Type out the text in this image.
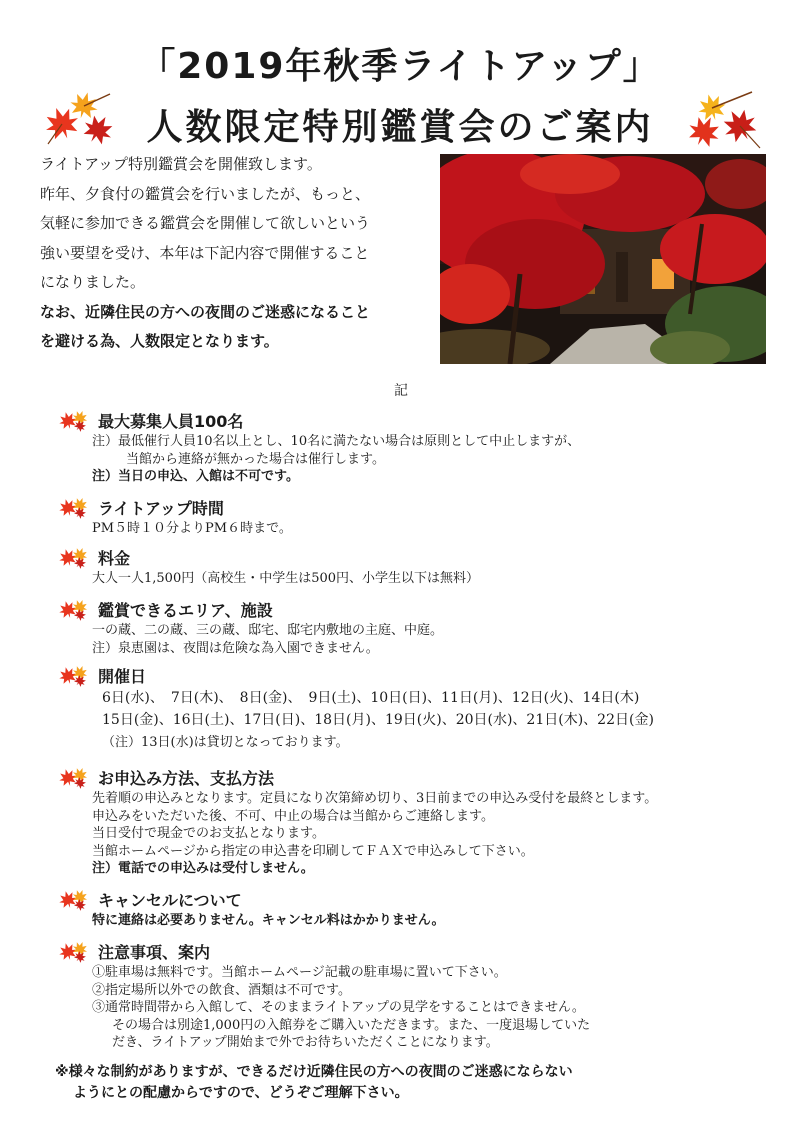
「2019年秋季ライトアップ」
人数限定特別鑑賞会のご案内
ライトアップ特別鑑賞会を開催致します。
昨年、夕食付の鑑賞会を行いましたが、もっと、
気軽に参加できる鑑賞会を開催して欲しいという
強い要望を受け、本年は下記内容で開催すること
になりました。
なお、近隣住民の方への夜間のご迷惑になること
を避ける為、人数限定となります。
記
最大募集人員100名
注）最低催行人員10名以上とし、10名に満たない場合は原則として中止しますが、
当館から連絡が無かった場合は催行します。
注）当日の申込、入館は不可です。
ライトアップ時間
PM５時１０分よりPM６時まで。
料金
大人一人1,500円（高校生・中学生は500円、小学生以下は無料）
鑑賞できるエリア、施設
一の蔵、二の蔵、三の蔵、邸宅、邸宅内敷地の主庭、中庭。
注）泉恵園は、夜間は危険な為入園できません。
開催日
6日(水)、　7日(木)、　8日(金)、　9日(土)、10日(日)、11日(月)、12日(火)、14日(木)
15日(金)、16日(土)、17日(日)、18日(月)、19日(火)、20日(水)、21日(木)、22日(金)
（注）13日(水)は貸切となっております。
お申込み方法、支払方法
先着順の申込みとなります。定員になり次第締め切り、3日前までの申込み受付を最終とします。
申込みをいただいた後、不可、中止の場合は当館からご連絡します。
当日受付で現金でのお支払となります。
当館ホームページから指定の申込書を印刷してＦＡＸで申込みして下さい。
注）電話での申込みは受付しません。
キャンセルについて
特に連絡は必要ありません。キャンセル料はかかりません。
注意事項、案内
①駐車場は無料です。当館ホームページ記載の駐車場に置いて下さい。
②指定場所以外での飲食、酒類は不可です。
③通常時間帯から入館して、そのままライトアップの見学をすることはできません。
その場合は別途1,000円の入館券をご購入いただきます。また、一度退場していた
だき、ライトアップ開始まで外でお待ちいただくことになります。
※様々な制約がありますが、できるだけ近隣住民の方への夜間のご迷惑にならない
ようにとの配慮からですので、どうぞご理解下さい。
